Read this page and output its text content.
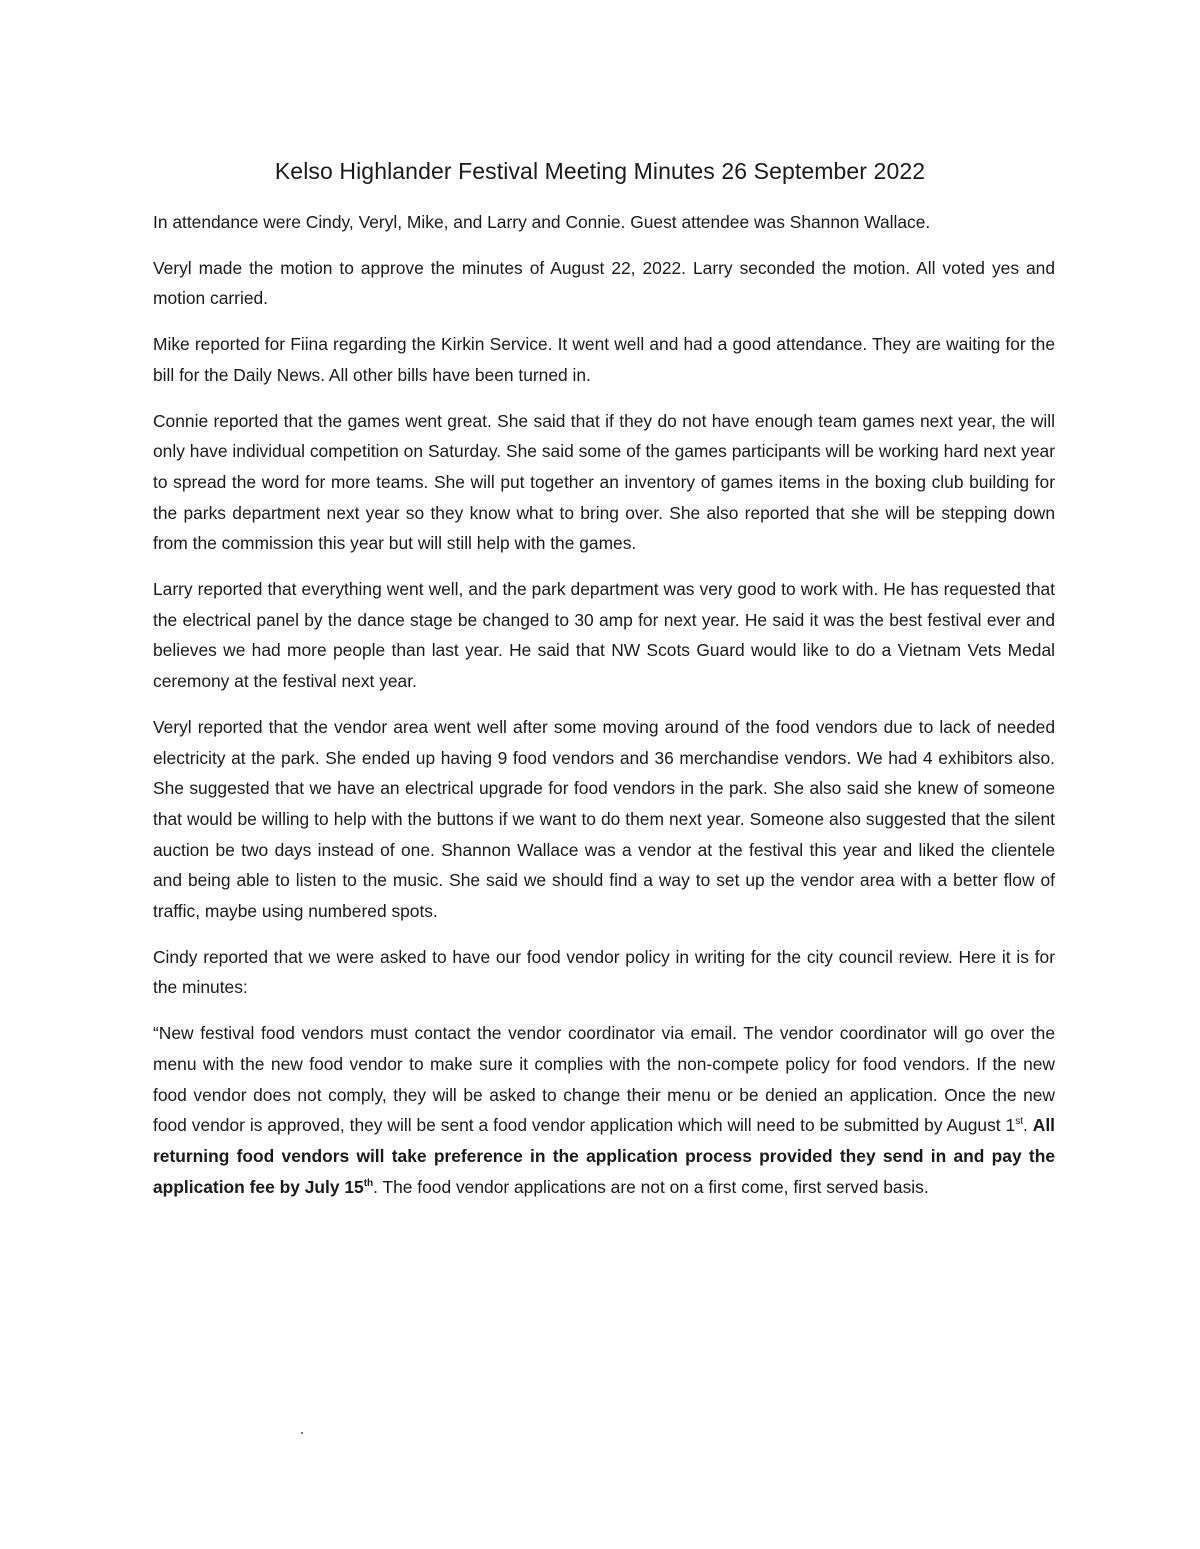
Kelso Highlander Festival Meeting Minutes 26 September 2022

In attendance were Cindy, Veryl, Mike, and Larry and Connie. Guest attendee was Shannon Wallace.

Veryl made the motion to approve the minutes of August 22, 2022. Larry seconded the motion. All voted yes and motion carried.

Mike reported for Fiina regarding the Kirkin Service. It went well and had a good attendance. They are waiting for the bill for the Daily News. All other bills have been turned in.

Connie reported that the games went great. She said that if they do not have enough team games next year, the will only have individual competition on Saturday. She said some of the games participants will be working hard next year to spread the word for more teams. She will put together an inventory of games items in the boxing club building for the parks department next year so they know what to bring over. She also reported that she will be stepping down from the commission this year but will still help with the games.

Larry reported that everything went well, and the park department was very good to work with. He has requested that the electrical panel by the dance stage be changed to 30 amp for next year. He said it was the best festival ever and believes we had more people than last year. He said that NW Scots Guard would like to do a Vietnam Vets Medal ceremony at the festival next year.

Veryl reported that the vendor area went well after some moving around of the food vendors due to lack of needed electricity at the park. She ended up having 9 food vendors and 36 merchandise vendors. We had 4 exhibitors also. She suggested that we have an electrical upgrade for food vendors in the park. She also said she knew of someone that would be willing to help with the buttons if we want to do them next year. Someone also suggested that the silent auction be two days instead of one. Shannon Wallace was a vendor at the festival this year and liked the clientele and being able to listen to the music. She said we should find a way to set up the vendor area with a better flow of traffic, maybe using numbered spots.

Cindy reported that we were asked to have our food vendor policy in writing for the city council review. Here it is for the minutes:

“New festival food vendors must contact the vendor coordinator via email. The vendor coordinator will go over the menu with the new food vendor to make sure it complies with the non-compete policy for food vendors. If the new food vendor does not comply, they will be asked to change their menu or be denied an application. Once the new food vendor is approved, they will be sent a food vendor application which will need to be submitted by August 1st. All returning food vendors will take preference in the application process provided they send in and pay the application fee by July 15th. The food vendor applications are not on a first come, first served basis.
